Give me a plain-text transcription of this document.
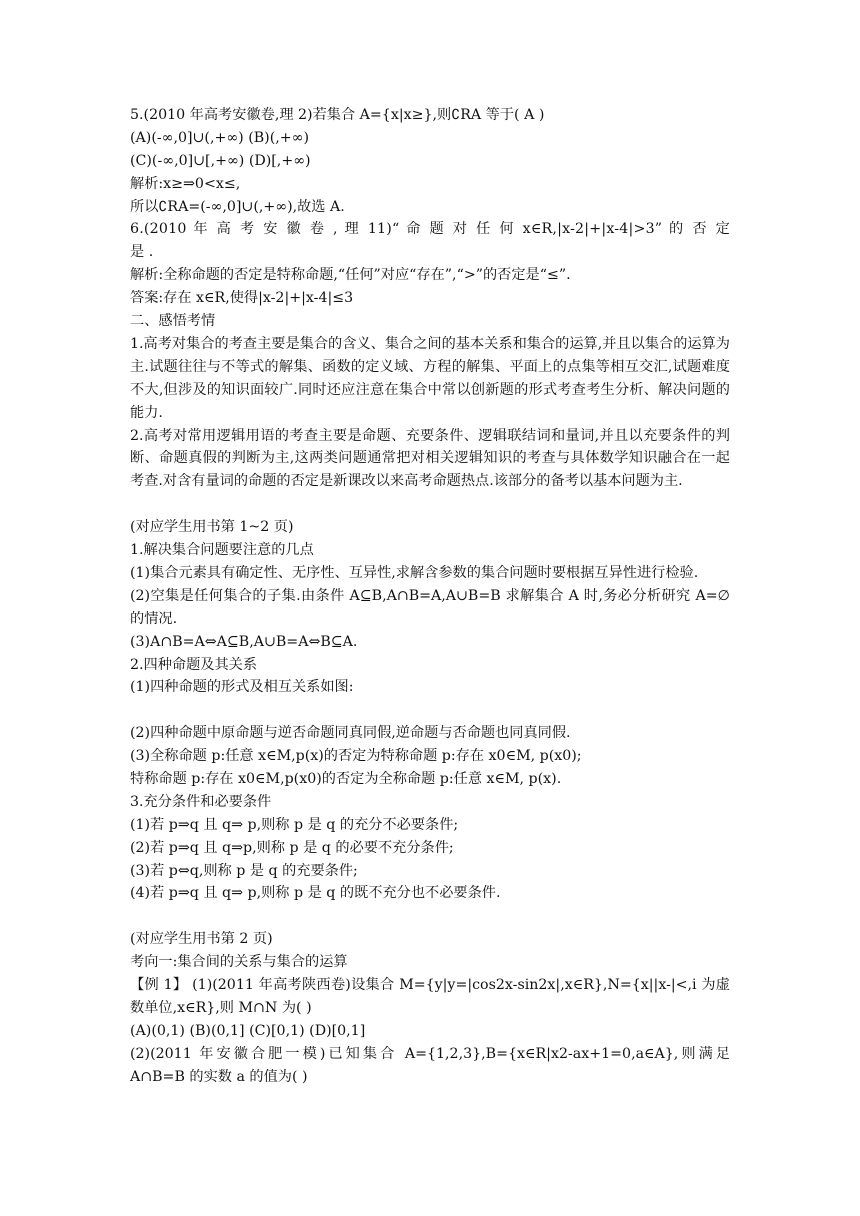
5.(2010 年高考安徽卷,理 2)若集合 A={x|x≥},则∁RA 等于( A )
(A)(-∞,0]∪(,+∞) (B)(,+∞)
(C)(-∞,0]∪[,+∞) (D)[,+∞)
解析:x≥⇒0<x≤,
所以∁RA=(-∞,0]∪(,+∞),故选 A.
6.(2010 年 高 考 安 徽 卷 , 理 11)“ 命 题 对 任 何 x∈R,|x-2|+|x-4|>3” 的 否 定
是 .
解析:全称命题的否定是特称命题,“任何”对应“存在”,“>”的否定是“≤”.
答案:存在 x∈R,使得|x-2|+|x-4|≤3
二、感悟考情
1.高考对集合的考查主要是集合的含义、集合之间的基本关系和集合的运算,并且以集合的运算为主.试题往往与不等式的解集、函数的定义域、方程的解集、平面上的点集等相互交汇,试题难度不大,但涉及的知识面较广.同时还应注意在集合中常以创新题的形式考查考生分析、解决问题的能力.
2.高考对常用逻辑用语的考查主要是命题、充要条件、逻辑联结词和量词,并且以充要条件的判断、命题真假的判断为主,这两类问题通常把对相关逻辑知识的考查与具体数学知识融合在一起考查.对含有量词的命题的否定是新课改以来高考命题热点.该部分的备考以基本问题为主.
(对应学生用书第 1~2 页)
1.解决集合问题要注意的几点
(1)集合元素具有确定性、无序性、互异性,求解含参数的集合问题时要根据互异性进行检验.
(2)空集是任何集合的子集.由条件 A⊆B,A∩B=A,A∪B=B 求解集合 A 时,务必分析研究 A=∅的情况.
(3)A∩B=A⇔A⊆B,A∪B=A⇔B⊆A.
2.四种命题及其关系
(1)四种命题的形式及相互关系如图:
(2)四种命题中原命题与逆否命题同真同假,逆命题与否命题也同真同假.
(3)全称命题 p:任意 x∈M,p(x)的否定为特称命题 p:存在 x0∈M, p(x0);
特称命题 p:存在 x0∈M,p(x0)的否定为全称命题 p:任意 x∈M, p(x).
3.充分条件和必要条件
(1)若 p⇒q 且 q⇒ p,则称 p 是 q 的充分不必要条件;
(2)若 p⇒q 且 q⇒p,则称 p 是 q 的必要不充分条件;
(3)若 p⇔q,则称 p 是 q 的充要条件;
(4)若 p⇒q 且 q⇒ p,则称 p 是 q 的既不充分也不必要条件.
(对应学生用书第 2 页)
考向一:集合间的关系与集合的运算
【例 1】 (1)(2011 年高考陕西卷)设集合 M={y|y=|cos2x-sin2x|,x∈R},N={x||x-|<,i 为虚数单位,x∈R},则 M∩N 为( )
(A)(0,1) (B)(0,1] (C)[0,1) (D)[0,1]
(2)(2011 年安徽合肥一模)已知集合 A={1,2,3},B={x∈R|x2-ax+1=0,a∈A},则满足 A∩B=B 的实数 a 的值为( )
